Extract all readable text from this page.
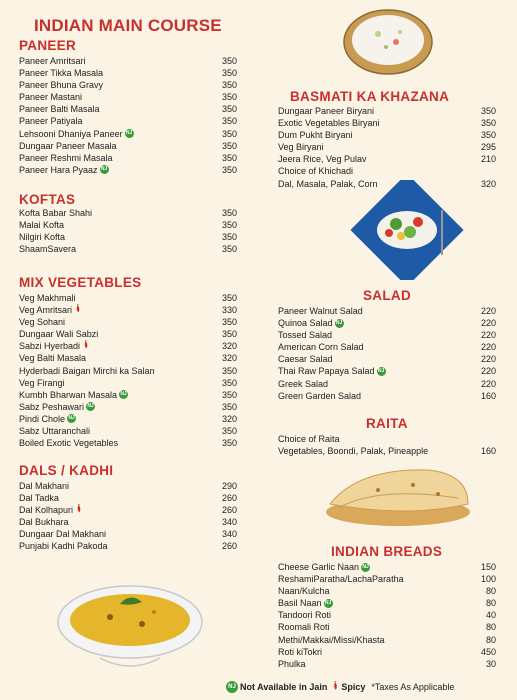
INDIAN MAIN COURSE
PANEER
Paneer Amritsari	350
Paneer Tikka Masala	350
Paneer Bhuna Gravy	350
Paneer Mastani	350
Paneer Balti Masala	350
Paneer Patiyala	350
Lehsooni Dhaniya Paneer NJ	350
Dungaar Paneer Masala	350
Paneer Reshmi Masala	350
Paneer Hara Pyaaz NJ	350
KOFTAS
Kofta Babar Shahi	350
Malai Kofta	350
Nilgiri Kofta	350
ShaamSavera	350
MIX VEGETABLES
Veg Makhmali	350
Veg Amritsari	330
Veg Sohani	350
Dungaar Wali Sabzi	350
Sabzi Hyerbadi	320
Veg Balti Masala	320
Hyderbadi Baigan Mirchi ka Salan	350
Veg Firangi	350
Kumbh Bharwan Masala NJ	350
Sabz Peshawari NJ	350
Pindi Chole NJ	320
Sabz Uttaranchali	350
Boiled Exotic Vegetables	350
DALS / KADHI
Dal Makhani	290
Dal Tadka	260
Dal Kolhapuri	260
Dal Bukhara	340
Dungaar Dal Makhani	340
Punjabi Kadhi Pakoda	260
BASMATI KA KHAZANA
Dungaar Paneer Biryani	350
Exotic Vegetables Biryani	350
Dum Pukht Biryani	350
Veg Biryani	295
Jeera Rice, Veg Pulav	210
Choice of Khichadi
Dal, Masala, Palak, Corn	320
SALAD
Paneer Walnut Salad	220
Quinoa Salad NJ	220
Tossed Salad	220
American Corn Salad	220
Caesar Salad	220
Thai Raw Papaya Salad NJ	220
Greek Salad	220
Green Garden Salad	160
RAITA
Choice of Raita
Vegetables, Boondi, Palak, Pineapple	160
INDIAN BREADS
Cheese Garlic Naan NJ	150
ReshamiParatha/LachaParatha	100
Naan/Kulcha	80
Basil Naan NJ	80
Tandoori Roti	40
Roomali Roti	80
Methi/Makkai/Missi/Khasta	80
Roti kiTokri	450
Phulka	30
NJ Not Available in Jain Spicy *Taxes As Applicable
